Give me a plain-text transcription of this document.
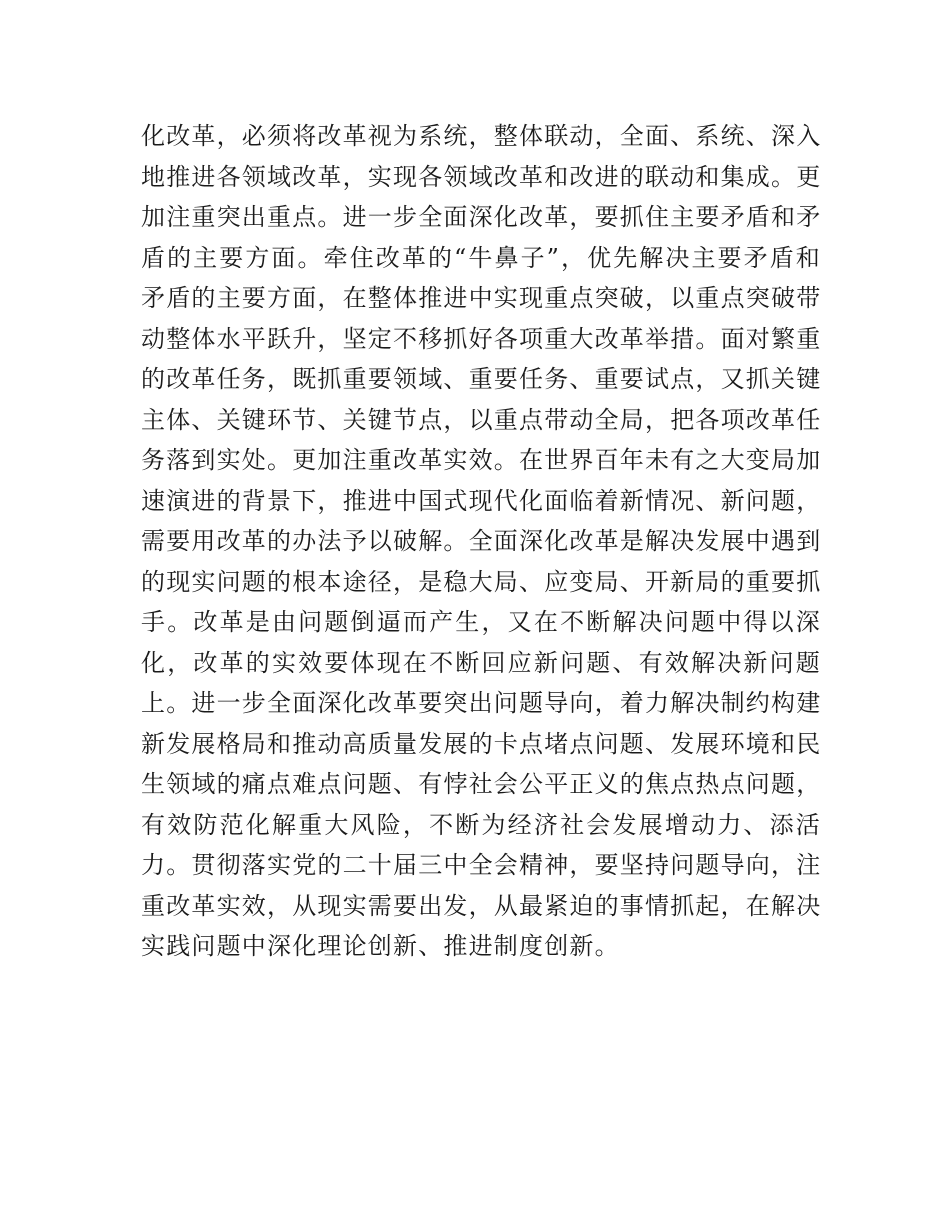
化改革，必须将改革视为系统，整体联动，全面、系统、深入
地推进各领域改革，实现各领域改革和改进的联动和集成。更
加注重突出重点。进一步全面深化改革，要抓住主要矛盾和矛
盾的主要方面。牵住改革的“牛鼻子”，优先解决主要矛盾和
矛盾的主要方面，在整体推进中实现重点突破，以重点突破带
动整体水平跃升，坚定不移抓好各项重大改革举措。面对繁重
的改革任务，既抓重要领域、重要任务、重要试点，又抓关键
主体、关键环节、关键节点，以重点带动全局，把各项改革任
务落到实处。更加注重改革实效。在世界百年未有之大变局加
速演进的背景下，推进中国式现代化面临着新情况、新问题，
需要用改革的办法予以破解。全面深化改革是解决发展中遇到
的现实问题的根本途径，是稳大局、应变局、开新局的重要抓
手。改革是由问题倒逼而产生，又在不断解决问题中得以深
化，改革的实效要体现在不断回应新问题、有效解决新问题
上。进一步全面深化改革要突出问题导向，着力解决制约构建
新发展格局和推动高质量发展的卡点堵点问题、发展环境和民
生领域的痛点难点问题、有悖社会公平正义的焦点热点问题，
有效防范化解重大风险，不断为经济社会发展增动力、添活
力。贯彻落实党的二十届三中全会精神，要坚持问题导向，注
重改革实效，从现实需要出发，从最紧迫的事情抓起，在解决
实践问题中深化理论创新、推进制度创新。
